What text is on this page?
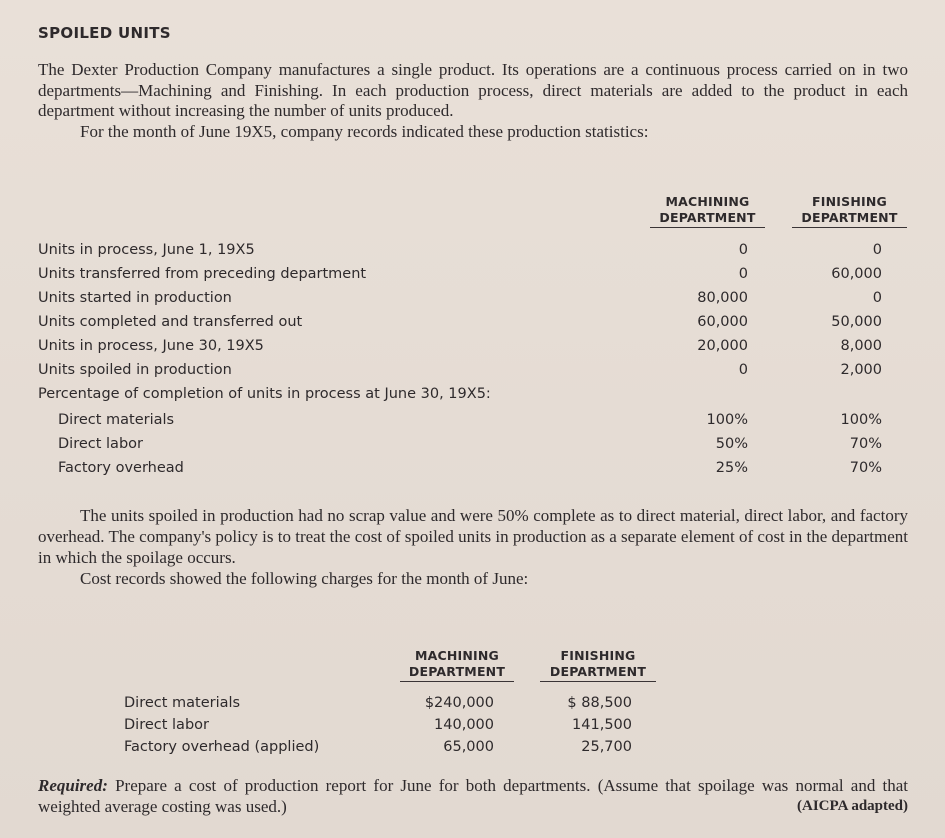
SPOILED UNITS
The Dexter Production Company manufactures a single product. Its operations are a continuous process carried on in two departments—Machining and Finishing. In each production process, direct materials are added to the product in each department without increasing the number of units produced.
For the month of June 19X5, company records indicated these production statistics:
MACHINING
DEPARTMENT
FINISHING
DEPARTMENT
Units in process, June 1, 19X5	0	0
Units transferred from preceding department	0	60,000
Units started in production	80,000	0
Units completed and transferred out	60,000	50,000
Units in process, June 30, 19X5	20,000	8,000
Units spoiled in production	0	2,000
Percentage of completion of units in process at June 30, 19X5:
Direct materials	100%	100%
Direct labor	50%	70%
Factory overhead	25%	70%
The units spoiled in production had no scrap value and were 50% complete as to direct material, direct labor, and factory overhead. The company's policy is to treat the cost of spoiled units in production as a separate element of cost in the department in which the spoilage occurs.
Cost records showed the following charges for the month of June:
MACHINING
DEPARTMENT
FINISHING
DEPARTMENT
Direct materials	$240,000	$ 88,500
Direct labor	140,000	141,500
Factory overhead (applied)	65,000	25,700
Required: Prepare a cost of production report for June for both departments. (Assume that spoilage was normal and that weighted average costing was used.)	(AICPA adapted)
